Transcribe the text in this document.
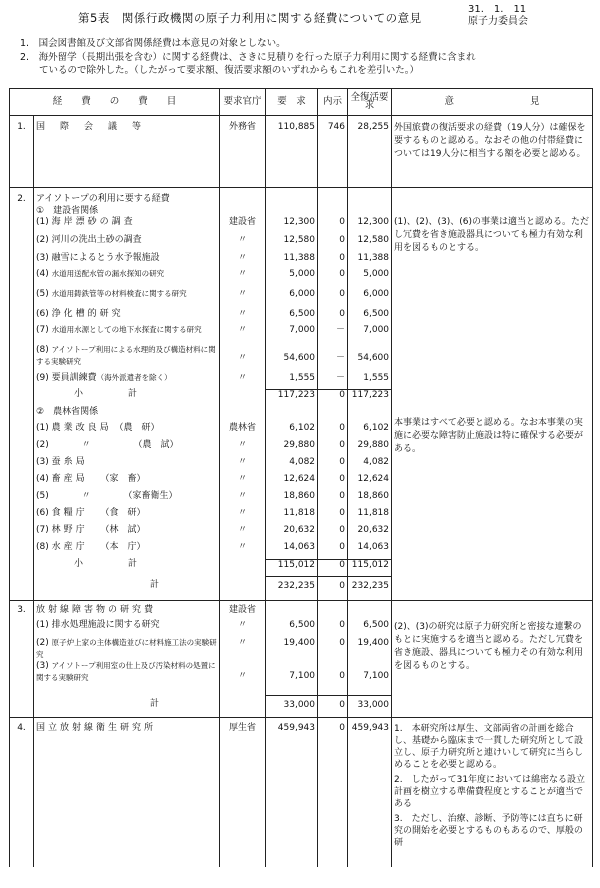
第5表　関係行政機関の原子力利用に関する経費についての意見
31.　1.　11
原子力委員会
1.　国会図書館及び文部省関係経費は本意見の対象としない。
2.　海外留学（長期出張を含む）に関する経費は、さきに見積りを行った原子力利用に関する経費に含まれ
　　ているので除外した。（したがって要求額、復活要求額のいずれからもこれを差引いた。）
経　　費　　の　　費　　目		要求官庁	要　求	内示	全復活要求	意　　　　　　　　見
1.	国　際　会　議　等	外務省	110,885	746	28,255	外国旅費の復活要求の経費（19人分）は確保を要するものと認める。なおその他の付帯経費については19人分に相当する額を必要と認める。
2.	アイソトープの利用に要する経費					(1)、(2)、(3)、(6)の事業は適当と認める。ただし冗費を省き施設器具についても極力有効な利用を図るものとする。
	①　建設省関係					
	(1) 海岸漂砂の調査	建設省	12,300	0	12,300	
	(2) 河川の洗出土砂の調査	〃	12,580	0	12,580	
	(3) 融雪によるとう水予報施設	〃	11,388	0	11,388	
	(4) 水道用送配水管の漏水探知の研究	〃	5,000	0	5,000	
	(5) 水道用鋳鉄管等の材料検査に関する研究	〃	6,000	0	6,000	
	(6) 浄化槽的研究	〃	6,500	0	6,500	
	(7) 水道用水源としての地下水探査に関する研究	〃	7,000	－	7,000	
	(8) アイソトープ利用による水理的及び構造材料に関する実験研究	〃	54,600	－	54,600	
	(9) 要員訓練費（海外派遣者を除く）	〃	1,555	－	1,555	
	小　　　　　計		117,223	0	117,223	
	②　農林省関係					本事業はすべて必要と認める。なお本事業の実施に必要な障害防止施設は特に確保する必要がある。
	(1) 農業改良局 （農　研）	農林省	6,102	0	6,102	
	(2) 〃 （農　試）	〃	29,880	0	29,880	
	(3) 蚕糸局	〃	4,082	0	4,082	
	(4) 畜産局 （家　畜）	〃	12,624	0	12,624	
	(5) 〃 （家畜衛生）	〃	18,860	0	18,860	
	(6) 食糧庁 （食　研）	〃	11,818	0	11,818	
	(7) 林野庁 （林　試）	〃	20,632	0	20,632	
	(8) 水産庁 （本　庁）	〃	14,063	0	14,063	
	小　　　　　計		115,012	0	115,012	
	計		232,235	0	232,235	
3.	放射線障害物の研究費	建設省				(2)、(3)の研究は原子力研究所と密接な連繋のもとに実施するを適当と認める。ただし冗費を省き施設、器具についても極力その有効な利用を図るものとする。
	(1) 排水処理施設に関する研究	〃	6,500	0	6,500	
	(2) 原子炉上家の主体構造並びに材料施工法の実験研究	〃	19,400	0	19,400	
	(3) アイソトープ利用室の仕上及び汚染材料の処置に関する実験研究	〃	7,100	0	7,100	
	計		33,000	0	33,000	
4.	国立放射線衛生研究所	厚生省	459,943	0	459,943	1.　本研究所は厚生、文部両省の計画を総合し、基礎から臨床まで一貫した研究所として設立し、原子力研究所と連けいして研究に当らしめることを必要と認める。
2.　したがって31年度においては綿密なる設立計画を樹立する準備費程度とすることが適当である
3.　ただし、治療、診断、予防等には直ちに研究の開始を必要とするものもあるので、厚般の研
